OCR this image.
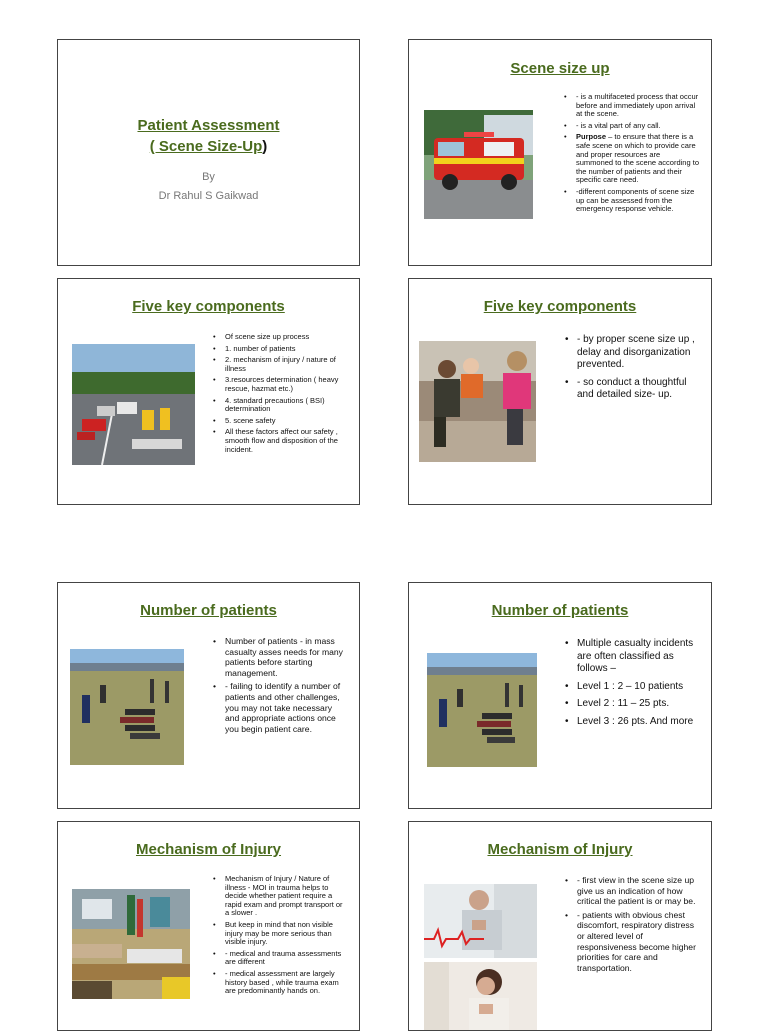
Patient Assessment
( Scene Size-Up)
By
Dr Rahul S Gaikwad
Scene size up
• - is a multifaceted process that occur before and immediately upon arrival at the scene.
• - is a vital part of any call.
• Purpose – to ensure that there is a safe scene on which to provide care and proper resources are summoned to the scene according to the number of patients and their specific care need.
• -different components of scene size up can be assessed from the emergency response vehicle.
Five key components
• Of scene size up process
• 1. number of patients
• 2. mechanism of injury / nature of illness
• 3.resources determination ( heavy rescue, hazmat etc.)
• 4. standard precautions ( BSI) determination
• 5. scene safety
• All these factors affect our safety , smooth flow and disposition of the incident.
Five key components
• - by proper scene size up , delay and disorganization prevented.
• - so conduct a thoughtful and detailed size- up.
Number of patients
• Number of patients - in mass casualty asses needs for many patients before starting management.
• - failing to identify a number of patients and other challenges, you may not take necessary and appropriate actions once you begin patient care.
Number of patients
• Multiple casualty incidents are often classified as follows –
• Level 1 : 2 – 10 patients
• Level 2 : 11 – 25 pts.
• Level 3 : 26 pts. And more
Mechanism of Injury
• Mechanism of Injury / Nature of illness - MOI in trauma helps to decide whether patient require a rapid exam and prompt transport or a slower .
• But keep in mind that non visible injury may be more serious than visible injury.
• - medical and trauma assessments are different
• - medical assessment are largely history based , while trauma exam are predominantly hands on.
Mechanism of Injury
• - first view in the scene size up give us an indication of how critical the patient is or may be.
• - patients with obvious chest discomfort, respiratory distress or altered level of responsiveness become higher priorities for care and transportation.
